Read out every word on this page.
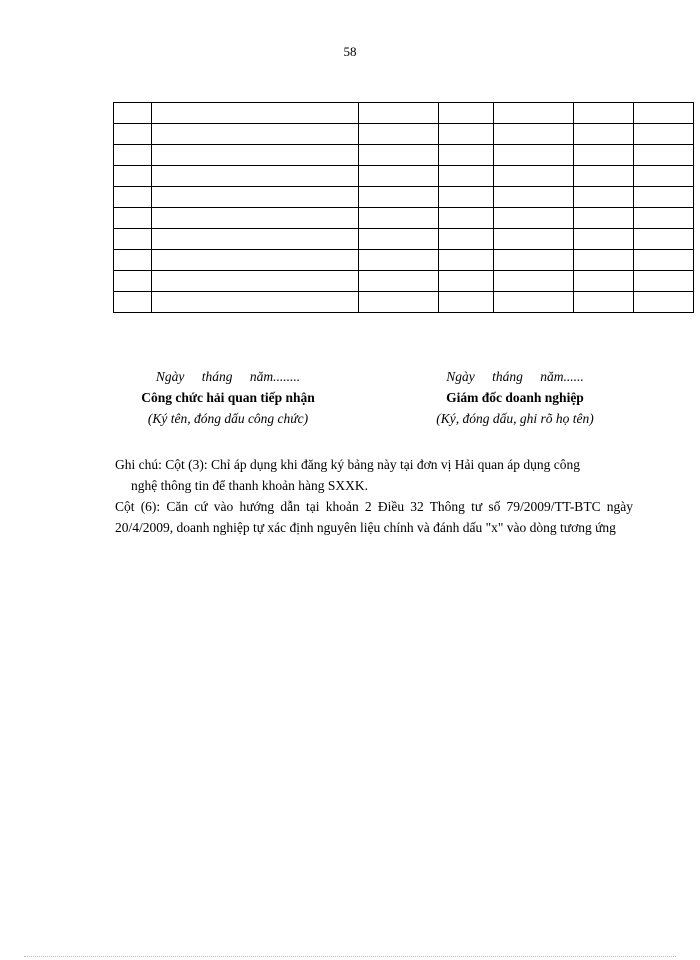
58

Ngày tháng năm........
Công chức hải quan tiếp nhận
(Ký tên, đóng dấu công chức)
Ngày tháng năm......
Giám đốc doanh nghiệp
(Ký, đóng dấu, ghi rõ họ tên)

Ghi chú: Cột (3): Chỉ áp dụng khi đăng ký bảng này tại đơn vị Hải quan áp dụng công
nghệ thông tin để thanh khoản hàng SXXK.

Cột (6): Căn cứ vào hướng dẫn tại khoản 2 Điều 32 Thông tư số 79/2009/TT-BTC ngày 20/4/2009, doanh nghiệp tự xác định nguyên liệu chính và đánh dấu "x" vào dòng tương ứng
